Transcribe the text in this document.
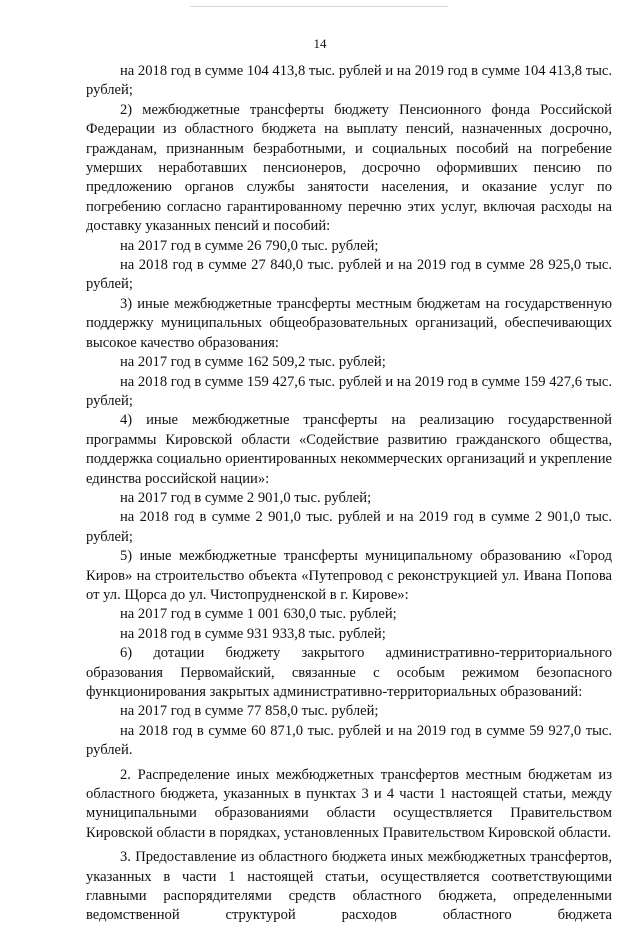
14

на 2018 год в сумме 104 413,8 тыс. рублей и на 2019 год в сумме 104 413,8 тыс. рублей;

2) межбюджетные трансферты бюджету Пенсионного фонда Российской Федерации из областного бюджета на выплату пенсий, назначенных досрочно, гражданам, признанным безработными, и социальных пособий на погребение умерших неработавших пенсионеров, досрочно оформивших пенсию по предложению органов службы занятости населения, и оказание услуг по погребению согласно гарантированному перечню этих услуг, включая расходы на доставку указанных пенсий и пособий:

на 2017 год в сумме 26 790,0 тыс. рублей;

на 2018 год в сумме 27 840,0 тыс. рублей и на 2019 год в сумме 28 925,0 тыс. рублей;

3) иные межбюджетные трансферты местным бюджетам на государственную поддержку муниципальных общеобразовательных организаций, обеспечивающих высокое качество образования:

на 2017 год в сумме 162 509,2 тыс. рублей;

на 2018 год в сумме 159 427,6 тыс. рублей и на 2019 год в сумме 159 427,6 тыс. рублей;

4) иные межбюджетные трансферты на реализацию государственной программы Кировской области «Содействие развитию гражданского общества, поддержка социально ориентированных некоммерческих организаций и укрепление единства российской нации»:

на 2017 год в сумме 2 901,0 тыс. рублей;

на 2018 год в сумме 2 901,0 тыс. рублей и на 2019 год в сумме 2 901,0 тыс. рублей;

5) иные межбюджетные трансферты муниципальному образованию «Город Киров» на строительство объекта «Путепровод с реконструкцией ул. Ивана Попова от ул. Щорса до ул. Чистопрудненской в г. Кирове»:

на 2017 год в сумме 1 001 630,0 тыс. рублей;

на 2018 год в сумме 931 933,8 тыс. рублей;

6) дотации бюджету закрытого административно-территориального образования Первомайский, связанные с особым режимом безопасного функционирования закрытых административно-территориальных образований:

на 2017 год в сумме 77 858,0 тыс. рублей;

на 2018 год в сумме 60 871,0 тыс. рублей и на 2019 год в сумме 59 927,0 тыс. рублей.

2. Распределение иных межбюджетных трансфертов местным бюджетам из областного бюджета, указанных в пунктах 3 и 4 части 1 настоящей статьи, между муниципальными образованиями области осуществляется Правительством Кировской области в порядках, установленных Правительством Кировской области.

3. Предоставление из областного бюджета иных межбюджетных трансфертов, указанных в части 1 настоящей статьи, осуществляется соответствующими главными распорядителями средств областного бюджета, определенными ведомственной структурой расходов областного бюджета
